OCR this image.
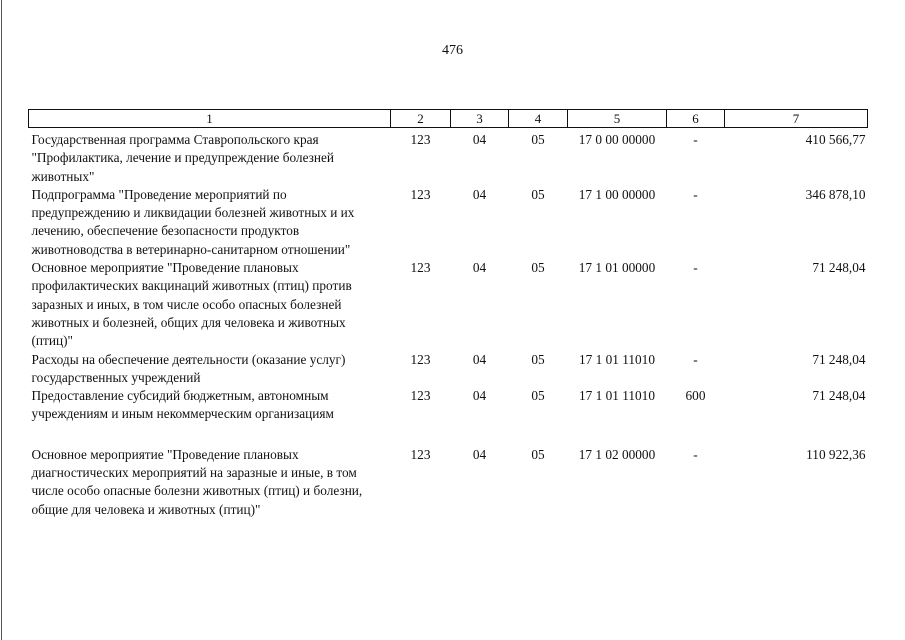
476
1	2	3	4	5	6	7
Государственная программа Ставропольского края "Профилактика, лечение и предупреждение болезней животных"	123	04	05	17 0 00 00000	-	410 566,77
Подпрограмма "Проведение мероприятий по предупреждению и ликвидации болезней животных и их лечению, обеспечение безопасности продуктов животноводства в ветеринарно-санитарном отношении"	123	04	05	17 1 00 00000	-	346 878,10
Основное мероприятие "Проведение плановых профилактических вакцинаций животных (птиц) против заразных и иных, в том числе особо опасных болезней животных и болезней, общих для человека и животных (птиц)"	123	04	05	17 1 01 00000	-	71 248,04
Расходы на обеспечение деятельности (оказание услуг) государственных учреждений	123	04	05	17 1 01 11010	-	71 248,04
Предоставление субсидий бюджетным, автономным учреждениям и иным некоммерческим организациям	123	04	05	17 1 01 11010	600	71 248,04

Основное мероприятие "Проведение плановых диагностических мероприятий на заразные и иные, в том числе особо опасные болезни животных (птиц) и болезни, общие для человека и животных (птиц)"	123	04	05	17 1 02 00000	-	110 922,36
